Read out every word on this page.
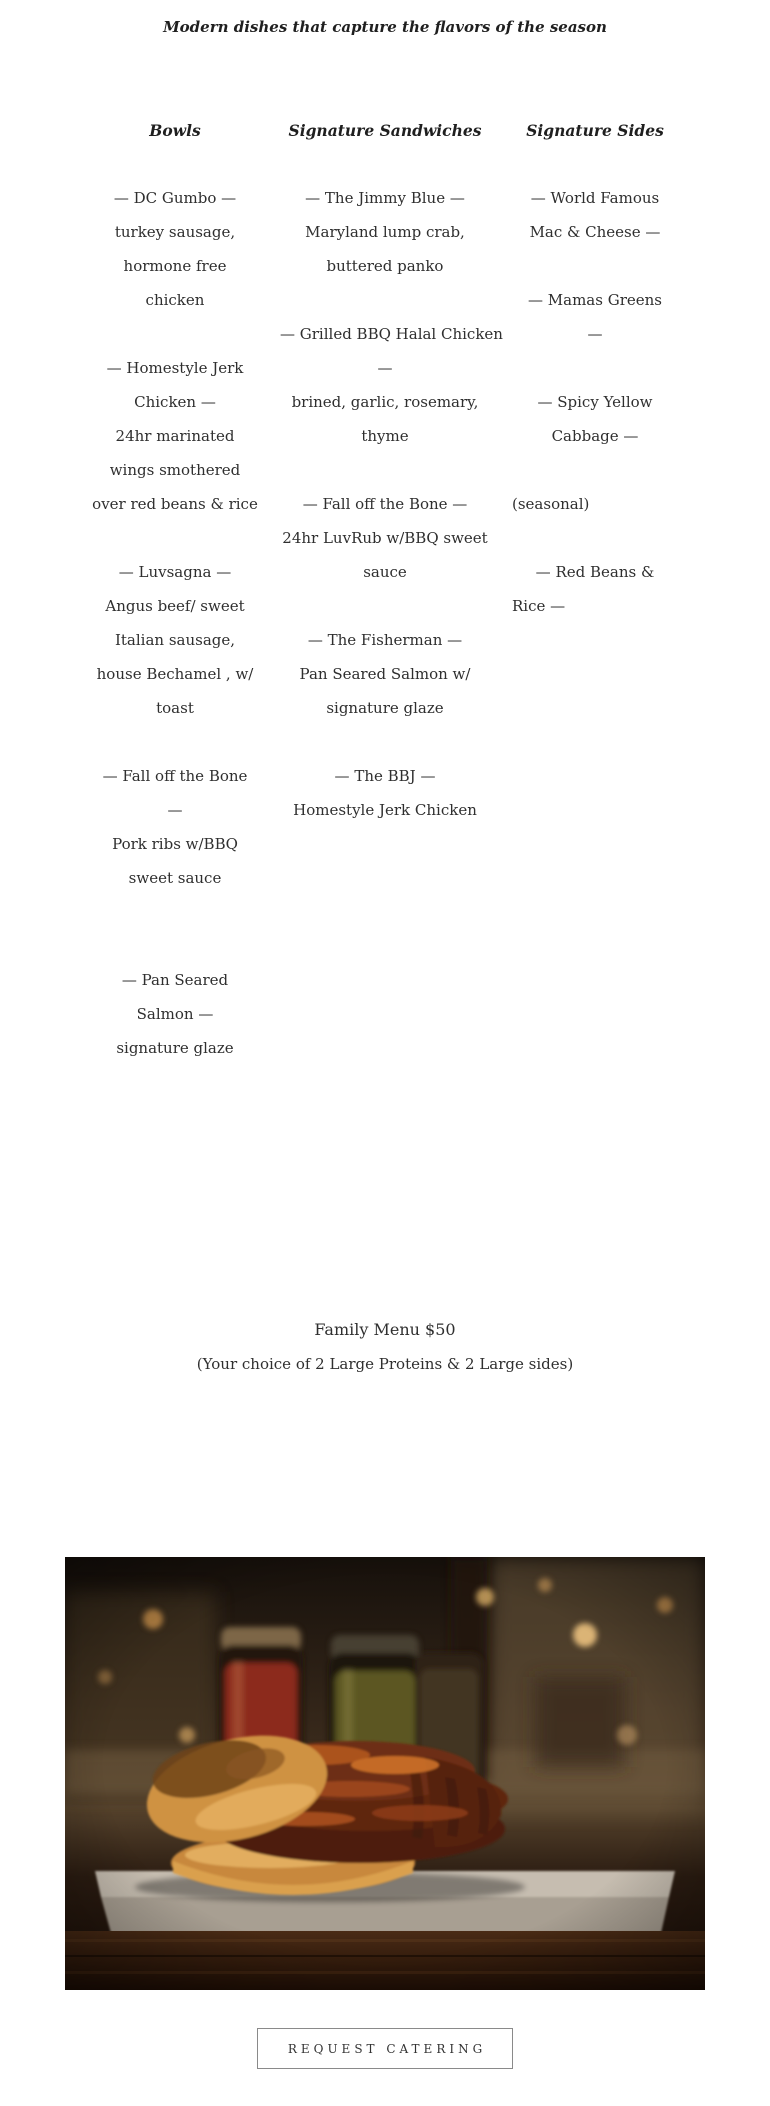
Modern dishes that capture the flavors of the season
Bowls
— DC Gumbo —
turkey sausage,
hormone free
chicken
— Homestyle Jerk
Chicken —
24hr marinated
wings smothered
over red beans & rice
— Luvsagna —
Angus beef/ sweet
Italian sausage,
house Bechamel , w/
toast
— Fall off the Bone
—
Pork ribs w/BBQ
sweet sauce
— Pan Seared
Salmon —
signature glaze
Signature Sandwiches
— The Jimmy Blue —
Maryland lump crab,
buttered panko
— Grilled BBQ Halal Chicken
—
brined, garlic, rosemary,
thyme
— Fall off the Bone —
24hr LuvRub w/BBQ sweet
sauce
— The Fisherman —
Pan Seared Salmon w/
signature glaze
— The BBJ —
Homestyle Jerk Chicken
Signature Sides
— World Famous
Mac & Cheese —
— Mamas Greens
—
— Spicy Yellow
Cabbage —
(seasonal)
— Red Beans &
Rice —
Family Menu $50
(Your choice of 2 Large Proteins & 2 Large sides)
REQUEST CATERING
